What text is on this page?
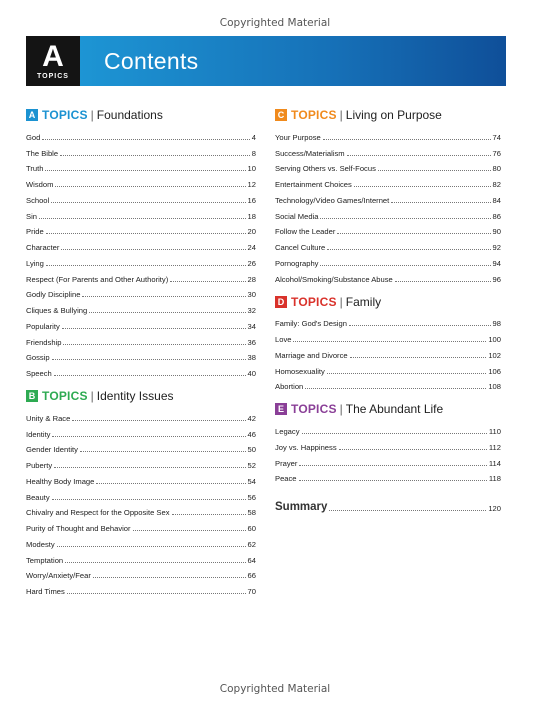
Copyrighted Material
A
TOPICS
Contents
A TOPICS | Foundations
God	4
The Bible	8
Truth	10
Wisdom	12
School	16
Sin	18
Pride	20
Character	24
Lying	26
Respect (For Parents and Other Authority)	28
Godly Discipline	30
Cliques & Bullying	32
Popularity	34
Friendship	36
Gossip	38
Speech	40
B TOPICS | Identity Issues
Unity & Race	42
Identity	46
Gender Identity	50
Puberty	52
Healthy Body Image	54
Beauty	56
Chivalry and Respect for the Opposite Sex	58
Purity of Thought and Behavior	60
Modesty	62
Temptation	64
Worry/Anxiety/Fear	66
Hard Times	70
C TOPICS | Living on Purpose
Your Purpose	74
Success/Materialism	76
Serving Others vs. Self-Focus	80
Entertainment Choices	82
Technology/Video Games/Internet	84
Social Media	86
Follow the Leader	90
Cancel Culture	92
Pornography	94
Alcohol/Smoking/Substance Abuse	96
D TOPICS | Family
Family: God's Design	98
Love	100
Marriage and Divorce	102
Homosexuality	106
Abortion	108
E TOPICS | The Abundant Life
Legacy	110
Joy vs. Happiness	112
Prayer	114
Peace	118
Summary	120
Copyrighted Material
